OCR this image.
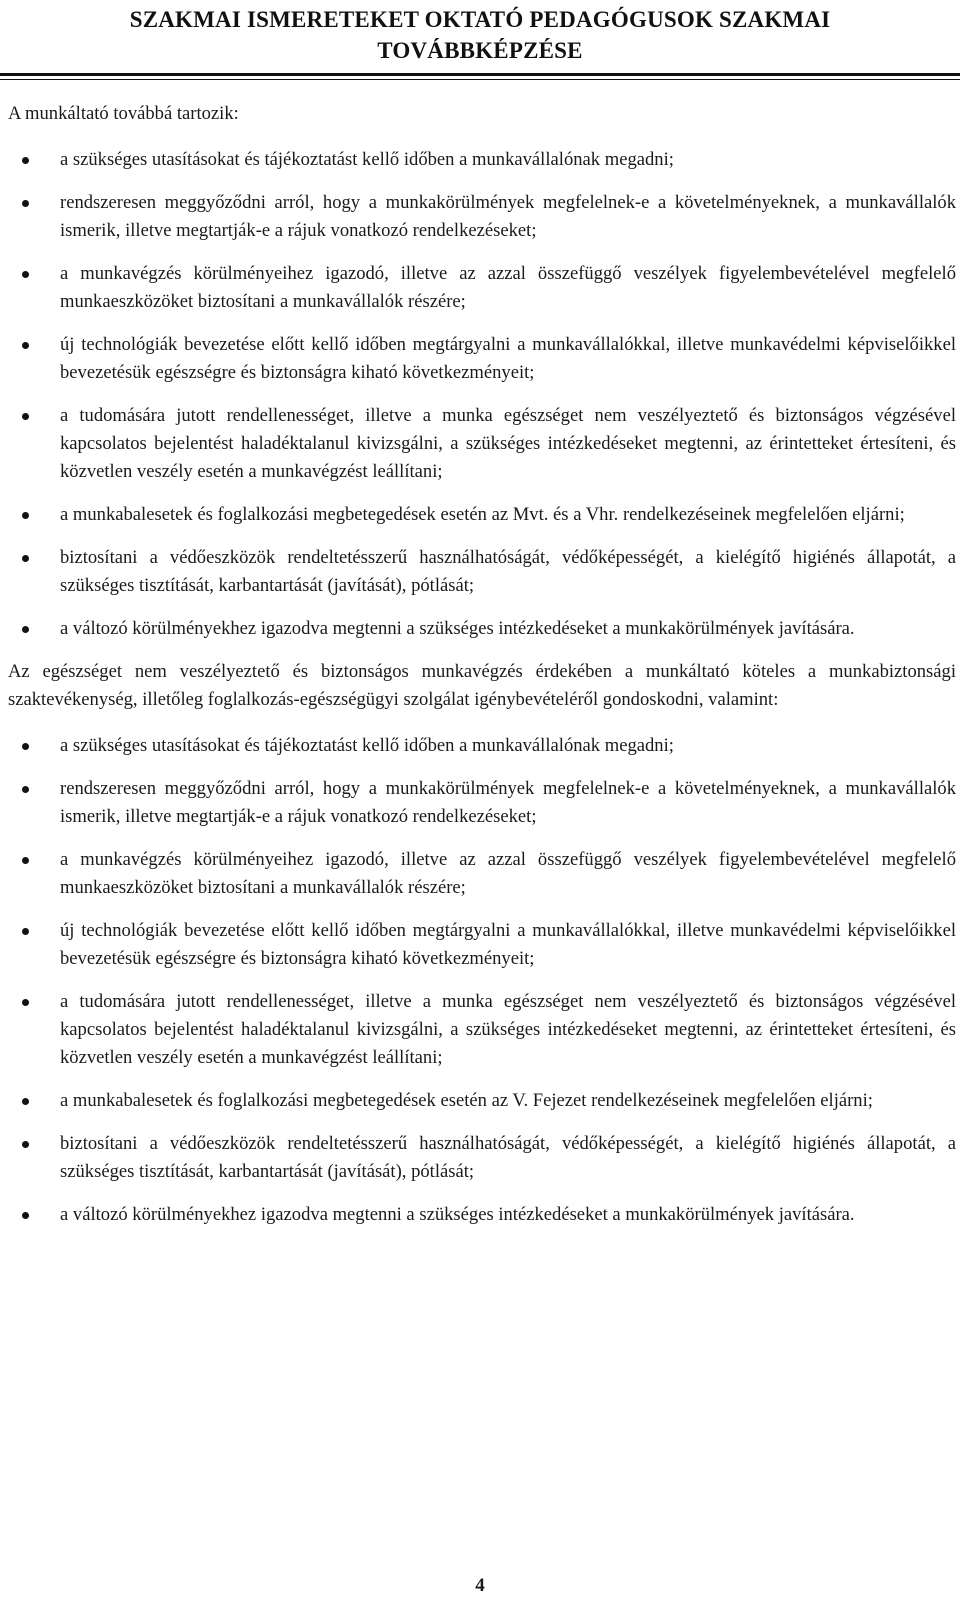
SZAKMAI ISMERETEKET OKTATÓ PEDAGÓGUSOK SZAKMAI

TOVÁBBKÉPZÉSE

A munkáltató továbbá tartozik:

a szükséges utasításokat és tájékoztatást kellő időben a munkavállalónak megadni;
rendszeresen meggyőződni arról, hogy a munkakörülmények megfelelnek-e a követelményeknek, a munkavállalók ismerik, illetve megtartják-e a rájuk vonatkozó rendelkezéseket;
a munkavégzés körülményeihez igazodó, illetve az azzal összefüggő veszélyek figyelembevételével megfelelő munkaeszközöket biztosítani a munkavállalók részére;
új technológiák bevezetése előtt kellő időben megtárgyalni a munkavállalókkal, illetve munkavédelmi képviselőikkel bevezetésük egészségre és biztonságra kiható következményeit;
a tudomására jutott rendellenességet, illetve a munka egészséget nem veszélyeztető és biztonságos végzésével kapcsolatos bejelentést haladéktalanul kivizsgálni, a szükséges intézkedéseket megtenni, az érintetteket értesíteni, és közvetlen veszély esetén a munkavégzést leállítani;
a munkabalesetek és foglalkozási megbetegedések esetén az Mvt. és a Vhr. rendelkezéseinek megfelelően eljárni;
biztosítani a védőeszközök rendeltetésszerű használhatóságát, védőképességét, a kielégítő higiénés állapotát, a szükséges tisztítását, karbantartását (javítását), pótlását;
a változó körülményekhez igazodva megtenni a szükséges intézkedéseket a munkakörülmények javítására.

Az egészséget nem veszélyeztető és biztonságos munkavégzés érdekében a munkáltató köteles a munkabiztonsági szaktevékenység, illetőleg foglalkozás-egészségügyi szolgálat igénybevételéről gondoskodni, valamint:

a szükséges utasításokat és tájékoztatást kellő időben a munkavállalónak megadni;
rendszeresen meggyőződni arról, hogy a munkakörülmények megfelelnek-e a követelményeknek, a munkavállalók ismerik, illetve megtartják-e a rájuk vonatkozó rendelkezéseket;
a munkavégzés körülményeihez igazodó, illetve az azzal összefüggő veszélyek figyelembevételével megfelelő munkaeszközöket biztosítani a munkavállalók részére;
új technológiák bevezetése előtt kellő időben megtárgyalni a munkavállalókkal, illetve munkavédelmi képviselőikkel bevezetésük egészségre és biztonságra kiható következményeit;
a tudomására jutott rendellenességet, illetve a munka egészséget nem veszélyeztető és biztonságos végzésével kapcsolatos bejelentést haladéktalanul kivizsgálni, a szükséges intézkedéseket megtenni, az érintetteket értesíteni, és közvetlen veszély esetén a munkavégzést leállítani;
a munkabalesetek és foglalkozási megbetegedések esetén az V. Fejezet rendelkezéseinek megfelelően eljárni;
biztosítani a védőeszközök rendeltetésszerű használhatóságát, védőképességét, a kielégítő higiénés állapotát, a szükséges tisztítását, karbantartását (javítását), pótlását;
a változó körülményekhez igazodva megtenni a szükséges intézkedéseket a munkakörülmények javítására.
4
